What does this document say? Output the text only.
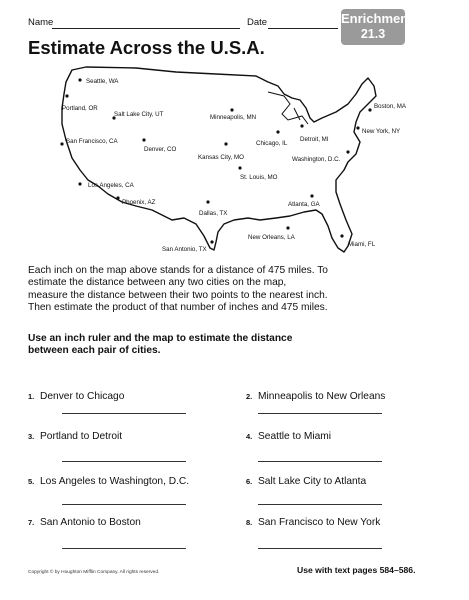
Name	Date	Enrichment
21.3
Estimate Across the U.S.A.
Seattle, WA
Portland, OR
Salt Lake City, UT
San Francisco, CA
Denver, CO
Los Angeles, CA
Phoenix, AZ
Minneapolis, MN
Kansas City, MO
Chicago, IL
Detroit, MI
St. Louis, MO
Dallas, TX
San Antonio, TX
New Orleans, LA
Atlanta, GA
Miami, FL
Washington, D.C.
New York, NY
Boston, MA
Each inch on the map above stands for a distance of 475 miles. To estimate the distance between any two cities on the map, measure the distance between their two points to the nearest inch. Then estimate the product of that number of inches and 475 miles.
Use an inch ruler and the map to estimate the distance between each pair of cities.
1. Denver to Chicago	2. Minneapolis to New Orleans
3. Portland to Detroit	4. Seattle to Miami
5. Los Angeles to Washington, D.C.	6. Salt Lake City to Atlanta
7. San Antonio to Boston	8. San Francisco to New York
Copyright © by Houghton Mifflin Company. All rights reserved.	Use with text pages 584–586.
